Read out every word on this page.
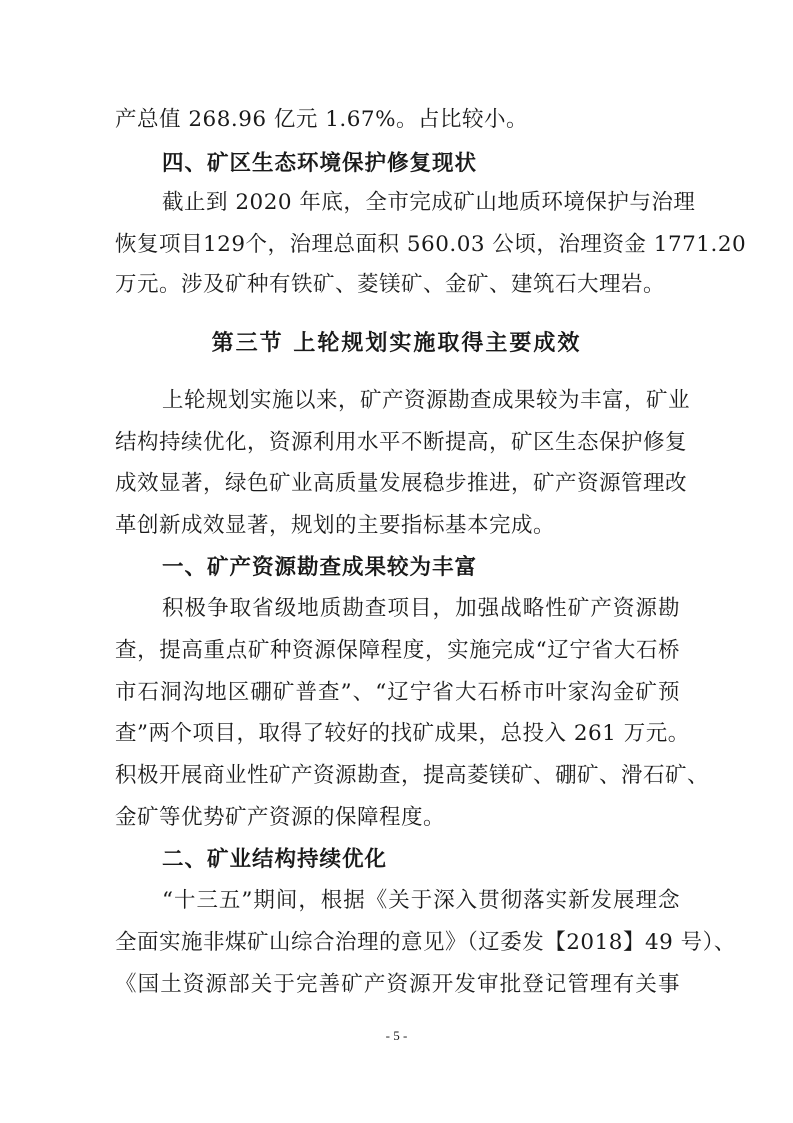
产总值 268.96 亿元 1.67%。占比较小。
四、矿区生态环境保护修复现状
截止到 2020 年底，全市完成矿山地质环境保护与治理
恢复项目129个，治理总面积 560.03 公顷，治理资金 1771.20
万元。涉及矿种有铁矿、菱镁矿、金矿、建筑石大理岩。
第三节 上轮规划实施取得主要成效
上轮规划实施以来，矿产资源勘查成果较为丰富，矿业
结构持续优化，资源利用水平不断提高，矿区生态保护修复
成效显著，绿色矿业高质量发展稳步推进，矿产资源管理改
革创新成效显著，规划的主要指标基本完成。
一、矿产资源勘查成果较为丰富
积极争取省级地质勘查项目，加强战略性矿产资源勘
查，提高重点矿种资源保障程度，实施完成“辽宁省大石桥
市石洞沟地区硼矿普查”、“辽宁省大石桥市叶家沟金矿预
查”两个项目，取得了较好的找矿成果，总投入 261 万元。
积极开展商业性矿产资源勘查，提高菱镁矿、硼矿、滑石矿、
金矿等优势矿产资源的保障程度。
二、矿业结构持续优化
“十三五”期间，根据《关于深入贯彻落实新发展理念
全面实施非煤矿山综合治理的意见》（辽委发【2018】49 号）、
《国土资源部关于完善矿产资源开发审批登记管理有关事
- 5 -
